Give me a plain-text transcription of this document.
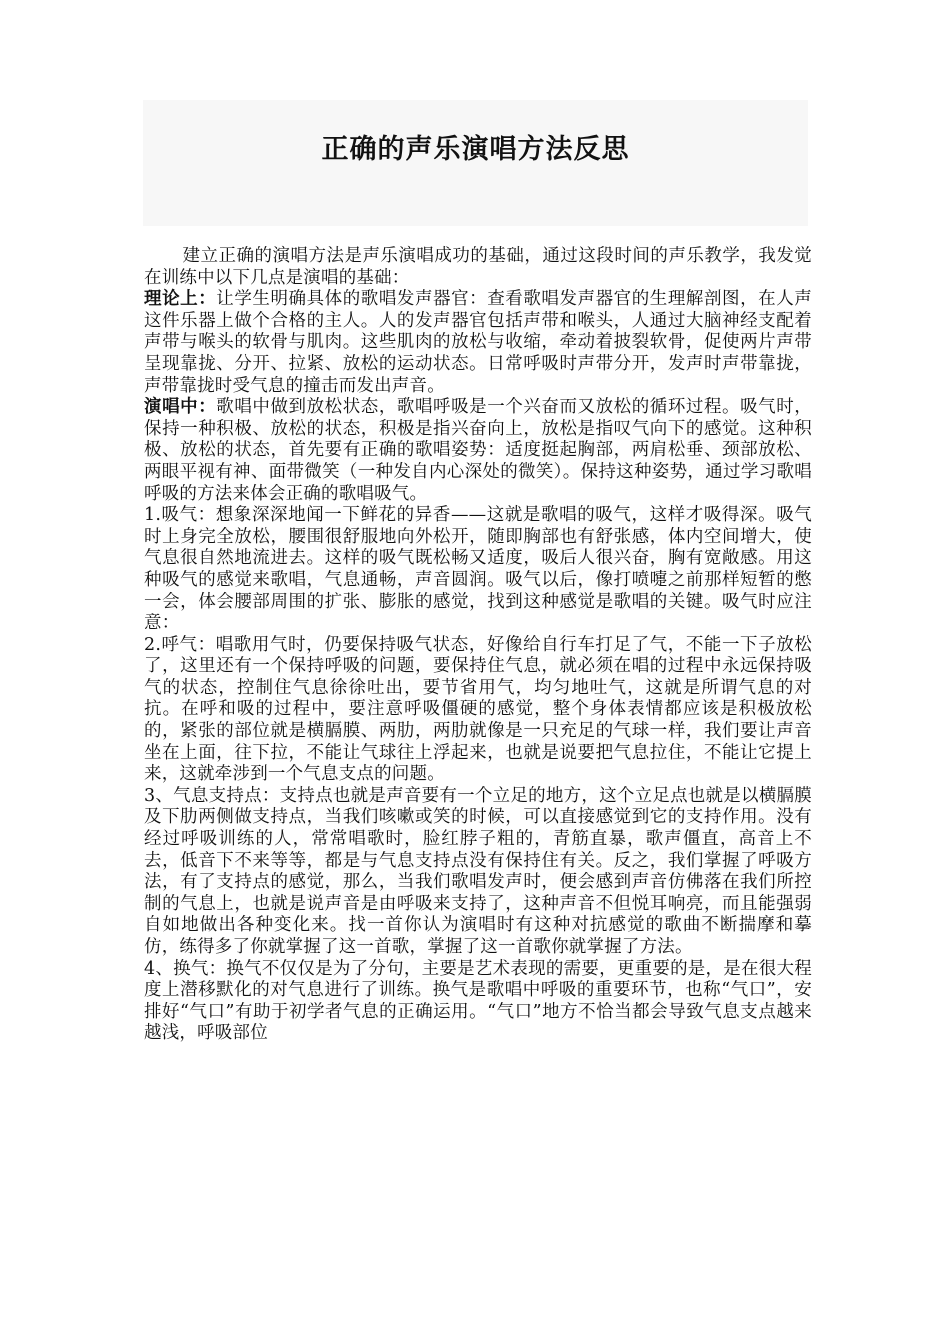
正确的声乐演唱方法反思

建立正确的演唱方法是声乐演唱成功的基础，通过这段时间的声乐教学，我发觉在训练中以下几点是演唱的基础：

理论上：让学生明确具体的歌唱发声器官：查看歌唱发声器官的生理解剖图，在人声这件乐器上做个合格的主人。人的发声器官包括声带和喉头，人通过大脑神经支配着声带与喉头的软骨与肌肉。这些肌肉的放松与收缩，牵动着披裂软骨，促使两片声带呈现靠拢、分开、拉紧、放松的运动状态。日常呼吸时声带分开，发声时声带靠拢，声带靠拢时受气息的撞击而发出声音。

演唱中：歌唱中做到放松状态，歌唱呼吸是一个兴奋而又放松的循环过程。吸气时，保持一种积极、放松的状态，积极是指兴奋向上，放松是指叹气向下的感觉。这种积极、放松的状态，首先要有正确的歌唱姿势：适度挺起胸部，两肩松垂、颈部放松、两眼平视有神、面带微笑（一种发自内心深处的微笑）。保持这种姿势，通过学习歌唱呼吸的方法来体会正确的歌唱吸气。

1.吸气：想象深深地闻一下鲜花的异香——这就是歌唱的吸气，这样才吸得深。吸气时上身完全放松，腰围很舒服地向外松开，随即胸部也有舒张感，体内空间增大，使气息很自然地流进去。这样的吸气既松畅又适度，吸后人很兴奋，胸有宽敞感。用这种吸气的感觉来歌唱，气息通畅，声音圆润。吸气以后，像打喷嚏之前那样短暂的憋一会，体会腰部周围的扩张、膨胀的感觉，找到这种感觉是歌唱的关键。吸气时应注意：

2.呼气：唱歌用气时，仍要保持吸气状态，好像给自行车打足了气，不能一下子放松了，这里还有一个保持呼吸的问题，要保持住气息，就必须在唱的过程中永远保持吸气的状态，控制住气息徐徐吐出，要节省用气，均匀地吐气，这就是所谓气息的对抗。在呼和吸的过程中，要注意呼吸僵硬的感觉，整个身体表情都应该是积极放松的，紧张的部位就是横膈膜、两肋，两肋就像是一只充足的气球一样，我们要让声音坐在上面，往下拉，不能让气球往上浮起来，也就是说要把气息拉住，不能让它提上来，这就牵涉到一个气息支点的问题。

3、气息支持点：支持点也就是声音要有一个立足的地方，这个立足点也就是以横膈膜及下肋两侧做支持点，当我们咳嗽或笑的时候，可以直接感觉到它的支持作用。没有经过呼吸训练的人，常常唱歌时，脸红脖子粗的，青筋直暴，歌声僵直，高音上不去，低音下不来等等，都是与气息支持点没有保持住有关。反之，我们掌握了呼吸方法，有了支持点的感觉，那么，当我们歌唱发声时，便会感到声音仿佛落在我们所控制的气息上，也就是说声音是由呼吸来支持了，这种声音不但悦耳响亮，而且能强弱自如地做出各种变化来。找一首你认为演唱时有这种对抗感觉的歌曲不断揣摩和摹仿，练得多了你就掌握了这一首歌，掌握了这一首歌你就掌握了方法。

4、换气：换气不仅仅是为了分句，主要是艺术表现的需要，更重要的是，是在很大程度上潜移默化的对气息进行了训练。换气是歌唱中呼吸的重要环节，也称“气口”，安排好“气口”有助于初学者气息的正确运用。“气口”地方不恰当都会导致气息支点越来越浅，呼吸部位
